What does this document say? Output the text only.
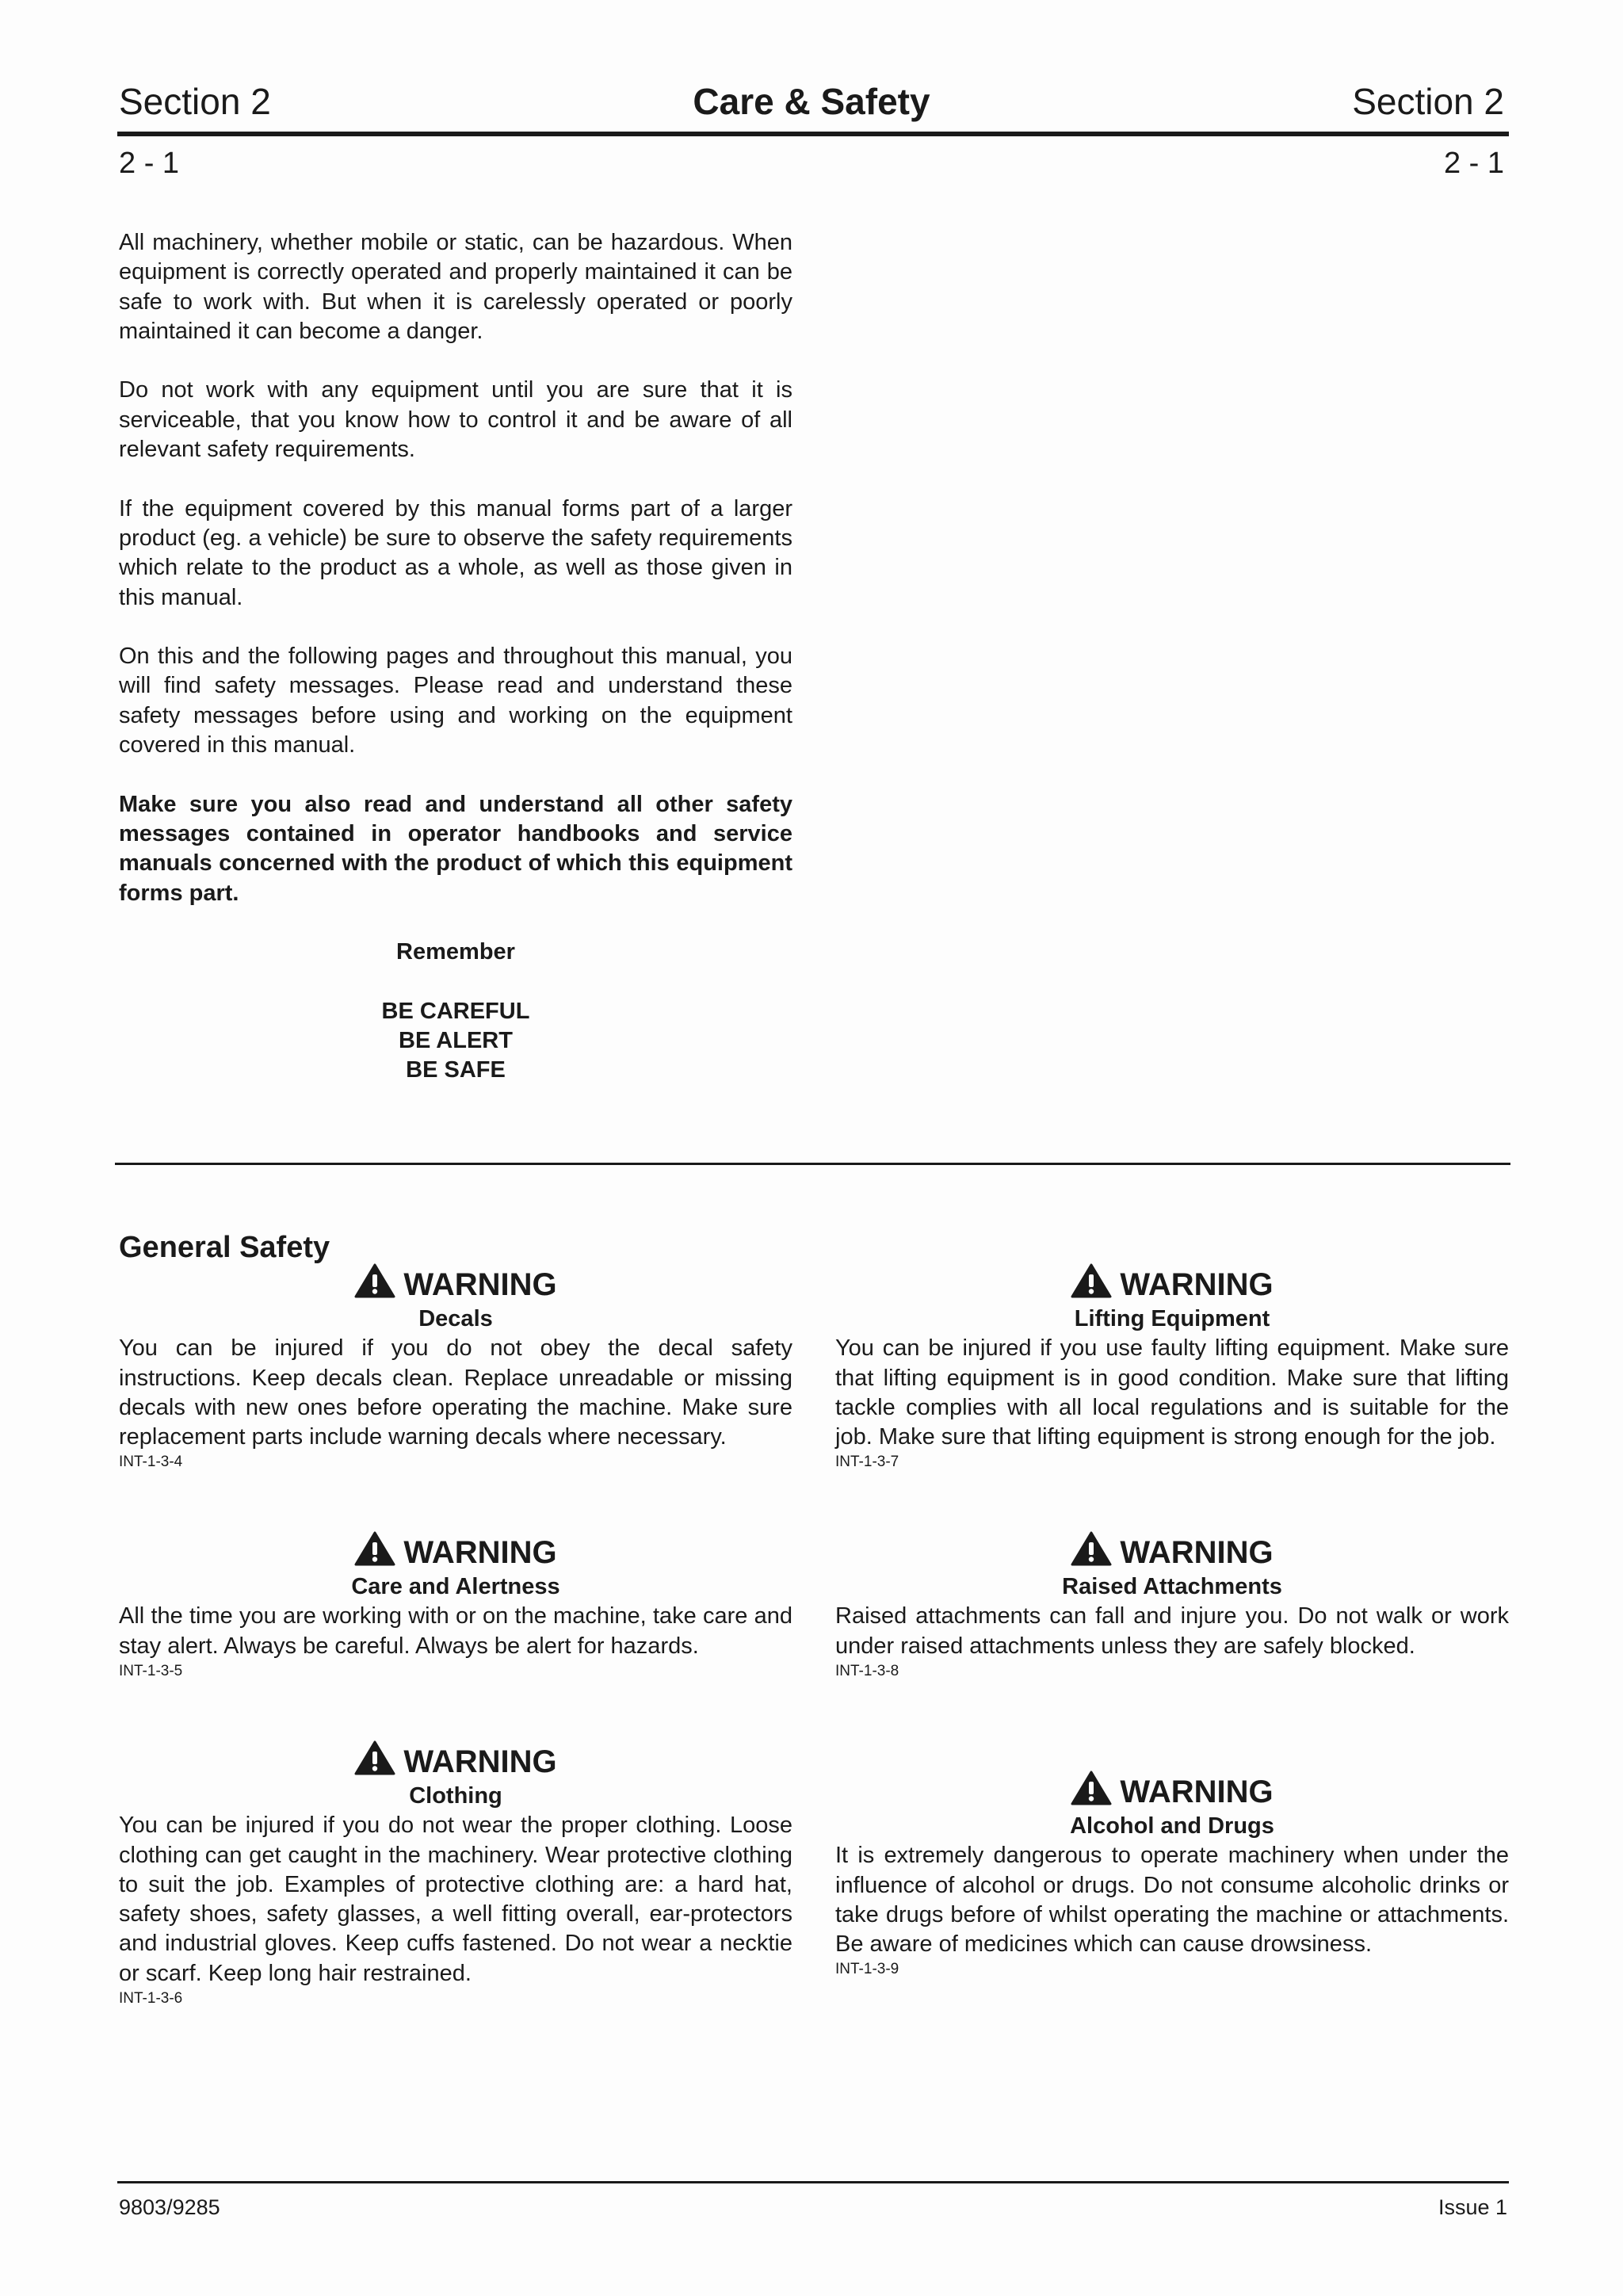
Section 2	Care & Safety	Section 2
2 - 1	2 - 1

All machinery, whether mobile or static, can be hazardous. When equipment is correctly operated and properly maintained it can be safe to work with. But when it is carelessly operated or poorly maintained it can become a danger.

Do not work with any equipment until you are sure that it is serviceable, that you know how to control it and be aware of all relevant safety requirements.

If the equipment covered by this manual forms part of a larger product (eg. a vehicle) be sure to observe the safety requirements which relate to the product as a whole, as well as those given in this manual.

On this and the following pages and throughout this manual, you will find safety messages. Please read and understand these safety messages before using and working on the equipment covered in this manual.

Make sure you also read and understand all other safety messages contained in operator handbooks and service manuals concerned with the product of which this equipment forms part.

Remember
BE CAREFUL
BE ALERT
BE SAFE
General Safety
WARNING
Decals
You can be injured if you do not obey the decal safety instructions. Keep decals clean. Replace unreadable or missing decals with new ones before operating the machine. Make sure replacement parts include warning decals where necessary.
INT-1-3-4
WARNING
Care and Alertness
All the time you are working with or on the machine, take care and stay alert. Always be careful. Always be alert for hazards.
INT-1-3-5
WARNING
Clothing
You can be injured if you do not wear the proper clothing. Loose clothing can get caught in the machinery. Wear protective clothing to suit the job. Examples of protective clothing are: a hard hat, safety shoes, safety glasses, a well fitting overall, ear-protectors and industrial gloves. Keep cuffs fastened. Do not wear a necktie or scarf. Keep long hair restrained.
INT-1-3-6
WARNING
Lifting Equipment
You can be injured if you use faulty lifting equipment. Make sure that lifting equipment is in good condition. Make sure that lifting tackle complies with all local regulations and is suitable for the job. Make sure that lifting equipment is strong enough for the job.
INT-1-3-7
WARNING
Raised Attachments
Raised attachments can fall and injure you. Do not walk or work under raised attachments unless they are safely blocked.
INT-1-3-8
WARNING
Alcohol and Drugs
It is extremely dangerous to operate machinery when under the influence of alcohol or drugs. Do not consume alcoholic drinks or take drugs before of whilst operating the machine or attachments. Be aware of medicines which can cause drowsiness.
INT-1-3-9
9803/9285	Issue 1
